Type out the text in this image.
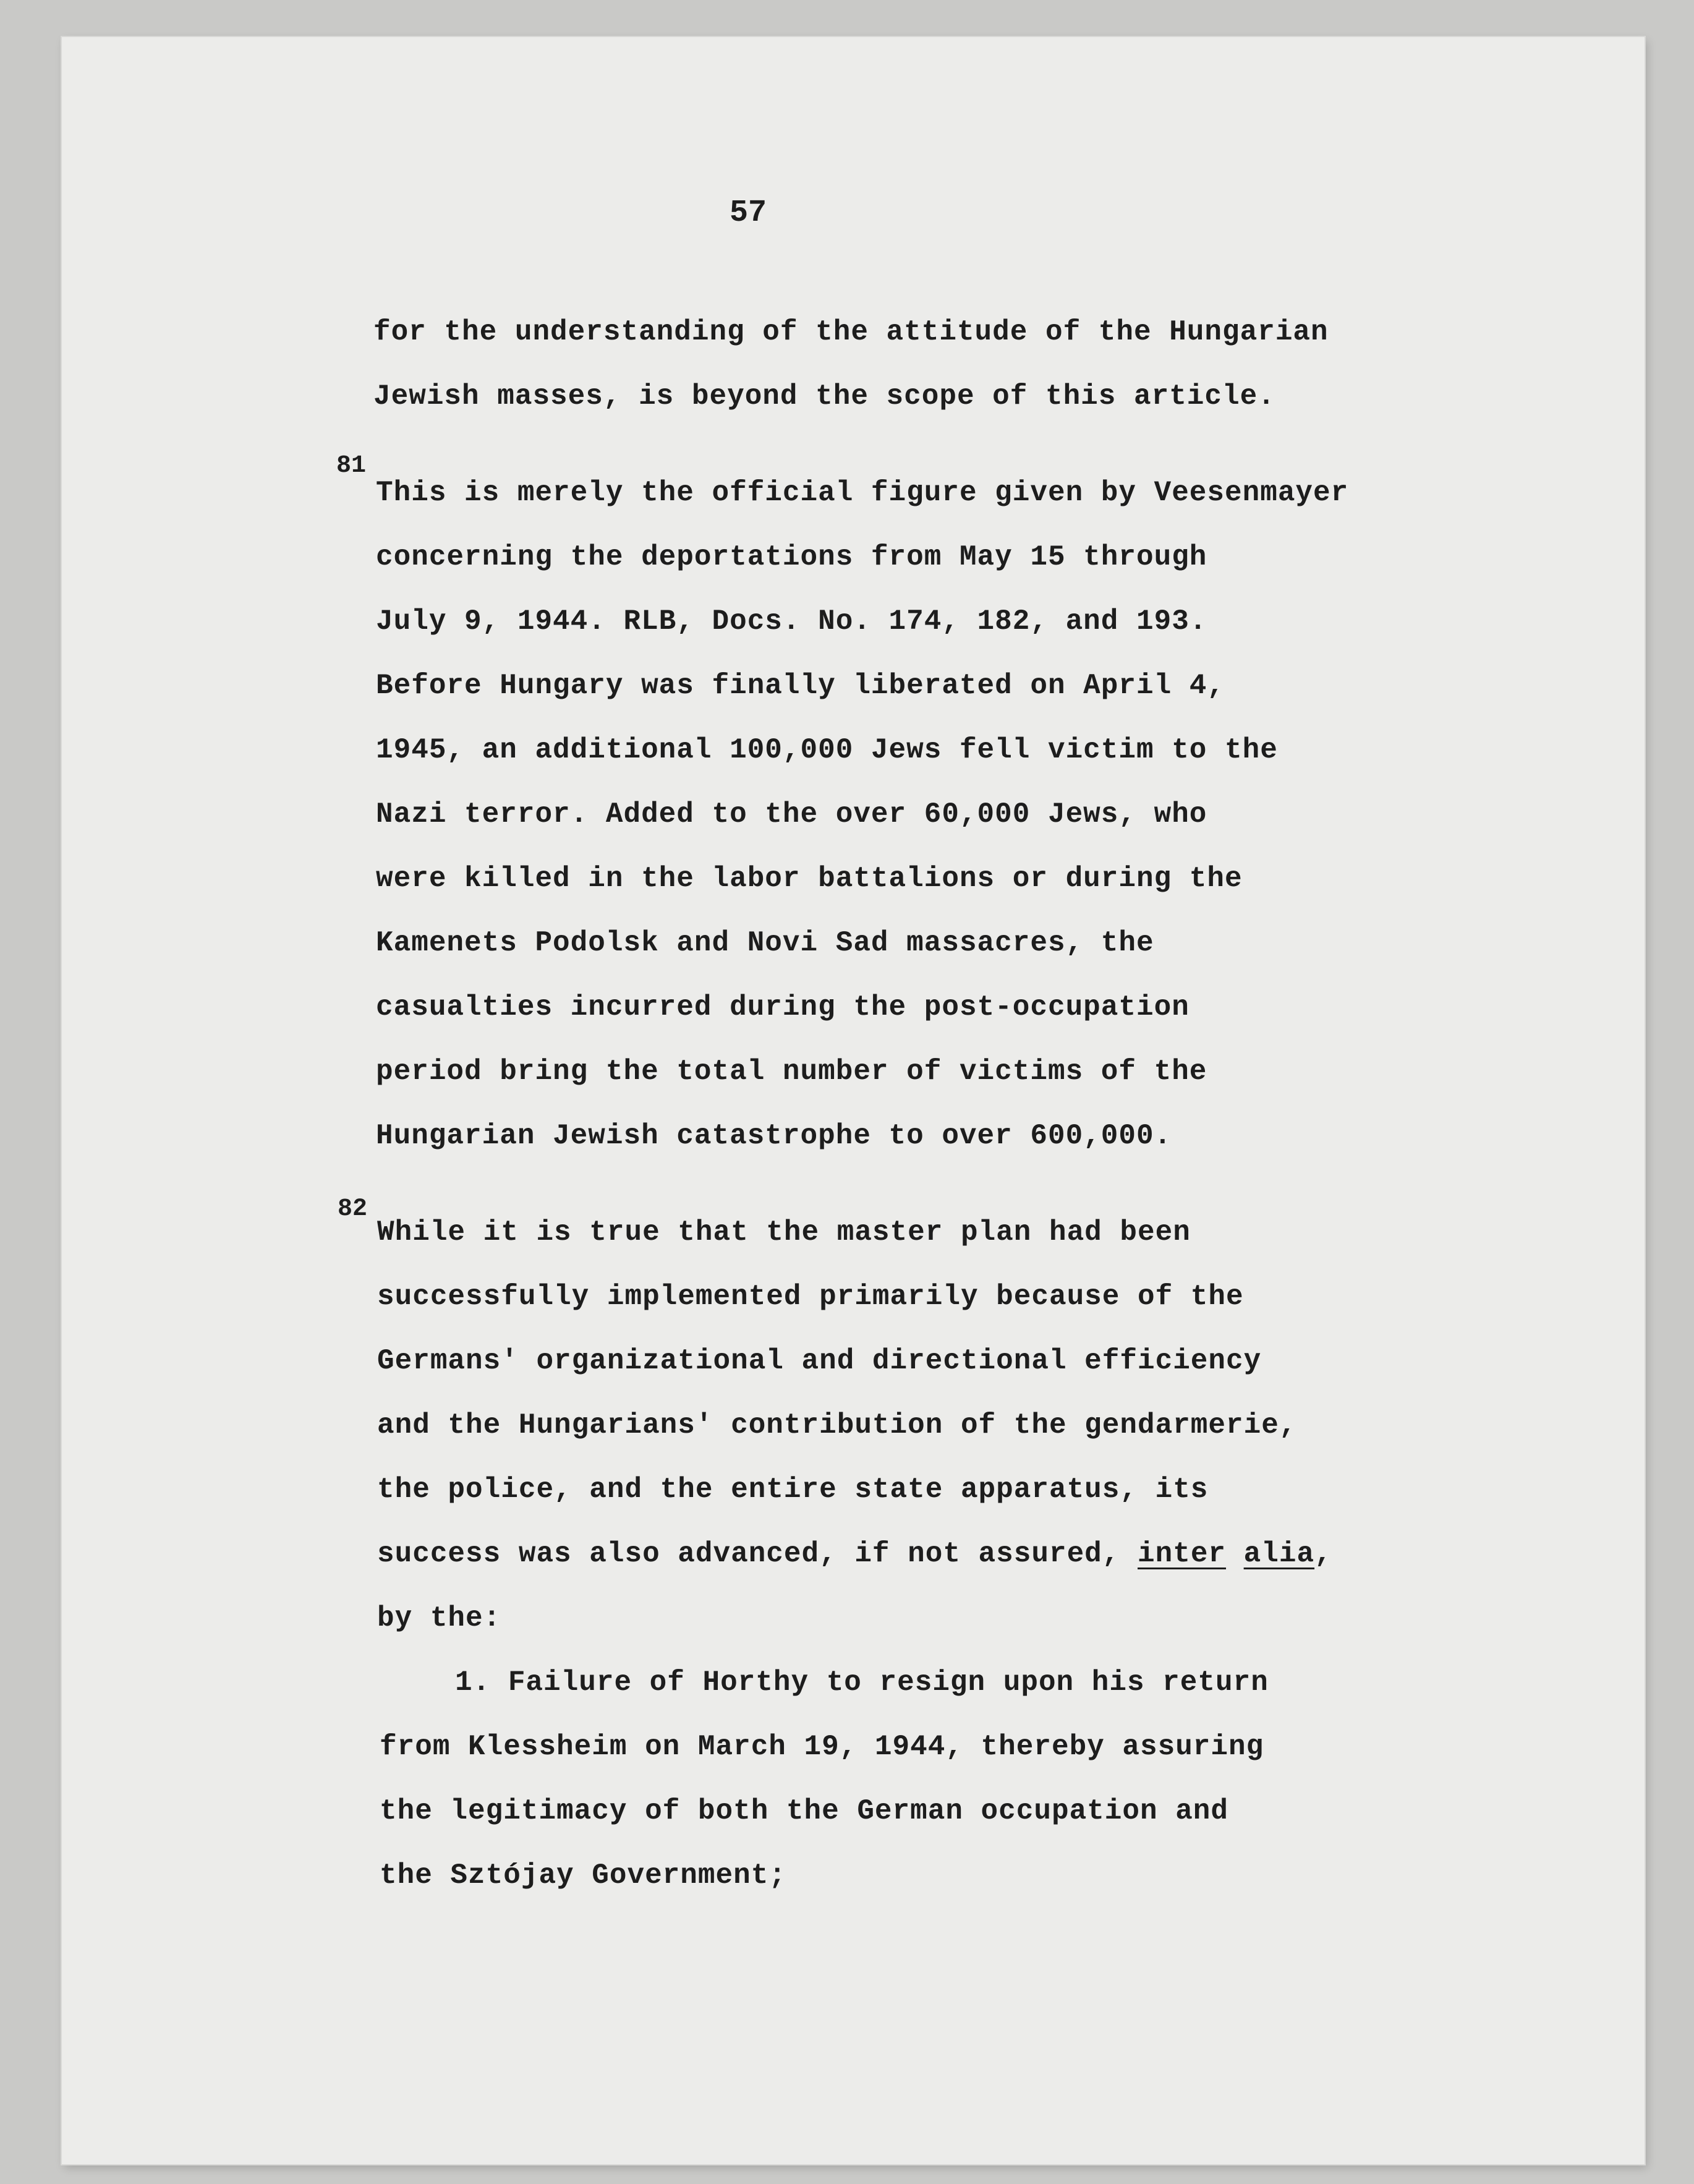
57
for the understanding of the attitude of the Hungarian
Jewish masses, is beyond the scope of this article.
81
This is merely the official figure given by Veesenmayer
concerning the deportations from May 15 through
July 9, 1944. RLB, Docs. No. 174, 182, and 193.
Before Hungary was finally liberated on April 4,
1945, an additional 100,000 Jews fell victim to the
Nazi terror. Added to the over 60,000 Jews, who
were killed in the labor battalions or during the
Kamenets Podolsk and Novi Sad massacres, the
casualties incurred during the post-occupation
period bring the total number of victims of the
Hungarian Jewish catastrophe to over 600,000.
82
While it is true that the master plan had been
successfully implemented primarily because of the
Germans' organizational and directional efficiency
and the Hungarians' contribution of the gendarmerie,
the police, and the entire state apparatus, its
success was also advanced, if not assured, inter alia,
by the:
1. Failure of Horthy to resign upon his return
from Klessheim on March 19, 1944, thereby assuring
the legitimacy of both the German occupation and
the Sztójay Government;
